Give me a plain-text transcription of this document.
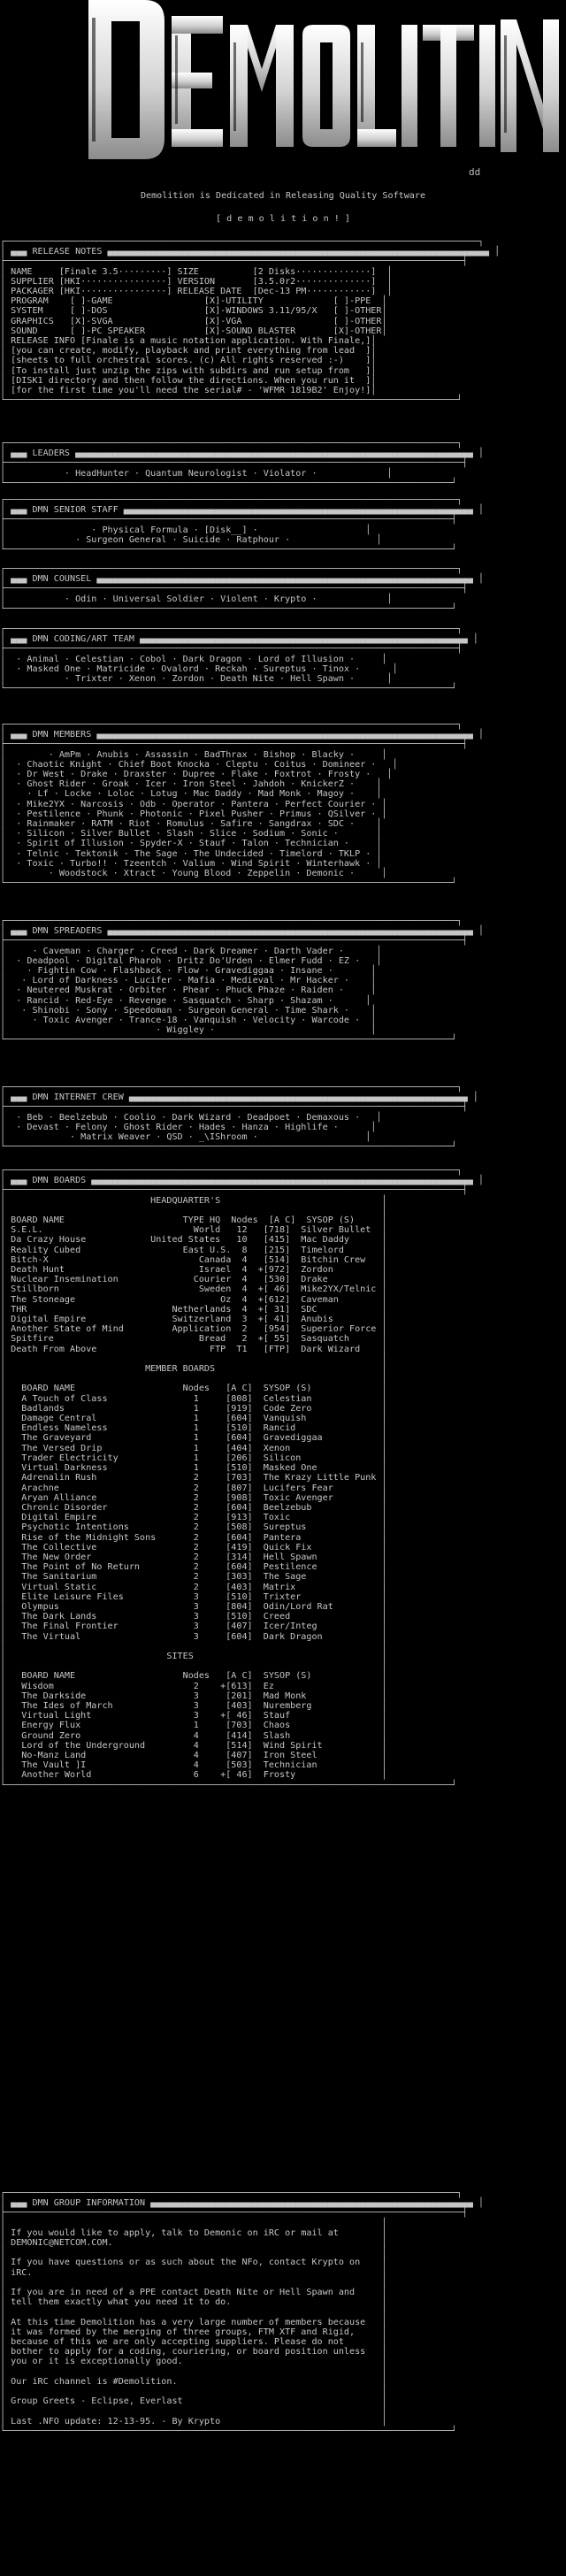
dd
Demolition is Dedicated in Releasing Quality Software
[ d e m o l i t i o n ! ]
┌────────────────────────────────────────────────────────────────────────────────────────┐
│ ▄▄▄ RELEASE NOTES ▄▄▄▄▄▄▄▄▄▄▄▄▄▄▄▄▄▄▄▄▄▄▄▄▄▄▄▄▄▄▄▄▄▄▄▄▄▄▄▄▄▄▄▄▄▄▄▄▄▄▄▄▄▄▄▄▄▄▄▄▄▄▄▄▄▄▄▄▄▄▄ │
├─────────────────────────────────────────────────────────────────────────────────────┤
│ NAME     [Finale 3.5·········] SIZE          [2 Disks··············]  │
│ SUPPLIER [HKI················] VERSION       [3.5.0r2··············]  │
│ PACKAGER [HKI················] RELEASE DATE  [Dec-13 PM············]  │
│ PROGRAM    [ ]-GAME                 [X]-UTILITY             [ ]-PPE  │
│ SYSTEM     [ ]-DOS                  [X]-WINDOWS 3.11/95/X   [ ]-OTHER│
│ GRAPHICS   [X]-SVGA                 [X]-VGA                 [ ]-OTHER│
│ SOUND      [ ]-PC SPEAKER           [X]-SOUND BLASTER       [X]-OTHER│
│ RELEASE INFO [Finale is a music notation application. With Finale,]│
│ [you can create, modify, playback and print everything from lead  ]│
│ [sheets to full orchestral scores. (c) All rights reserved :-)    ]│
│ [To install just unzip the zips with subdirs and run setup from   ]│
│ [DISK1 directory and then follow the directions. When you run it  ]│
│ [for the first time you'll need the serial# - 'WFMR 1819B2' Enjoy!]│
└────────────────────────────────────────────────────────────────────────────────────┘
┌────────────────────────────────────────────────────────────────────────────────────┐
│ ▄▄▄ LEADERS ▄▄▄▄▄▄▄▄▄▄▄▄▄▄▄▄▄▄▄▄▄▄▄▄▄▄▄▄▄▄▄▄▄▄▄▄▄▄▄▄▄▄▄▄▄▄▄▄▄▄▄▄▄▄▄▄▄▄▄▄▄▄▄▄▄▄▄▄▄▄▄▄▄▄ │
├─────────────────────────────────────────────────────────────────────────────────────┤
│           · HeadHunter · Quantum Neurologist · Violator ·             │
└───────────────────────────────────────────────────────────────────────────────────┘
┌────────────────────────────────────────────────────────────────────────────────────┐
│ ▄▄▄ DMN SENIOR STAFF ▄▄▄▄▄▄▄▄▄▄▄▄▄▄▄▄▄▄▄▄▄▄▄▄▄▄▄▄▄▄▄▄▄▄▄▄▄▄▄▄▄▄▄▄▄▄▄▄▄▄▄▄▄▄▄▄▄▄▄▄▄▄▄▄▄ │
├───────────────────────────────────────────────────────────────────────────────────┤
│                · Physical Formula · [Disk__] ·                    │
│             · Surgeon General · Suicide · Ratphour ·                │
└───────────────────────────────────────────────────────────────────────────────────┘
┌────────────────────────────────────────────────────────────────────────────────────┐
│ ▄▄▄ DMN COUNSEL ▄▄▄▄▄▄▄▄▄▄▄▄▄▄▄▄▄▄▄▄▄▄▄▄▄▄▄▄▄▄▄▄▄▄▄▄▄▄▄▄▄▄▄▄▄▄▄▄▄▄▄▄▄▄▄▄▄▄▄▄▄▄▄▄▄▄▄▄▄▄ │
├─────────────────────────────────────────────────────────────────────────────────────┤
│           · Odin · Universal Soldier · Violent · Krypto ·             │
└───────────────────────────────────────────────────────────────────────────────────┘
┌────────────────────────────────────────────────────────────────────────────────────┐
│ ▄▄▄ DMN CODING/ART TEAM ▄▄▄▄▄▄▄▄▄▄▄▄▄▄▄▄▄▄▄▄▄▄▄▄▄▄▄▄▄▄▄▄▄▄▄▄▄▄▄▄▄▄▄▄▄▄▄▄▄▄▄▄▄▄▄▄▄▄▄▄▄ │
├────────────────────────────────────────────────────────────────────────────────────┤
│  · Animal · Celestian · Cobol · Dark Dragon · Lord of Illusion ·     │
│  · Masked One · Matricide · Ovalord · Reckah · Sureptus · Tinox ·      │
│           · Trixter · Xenon · Zordon · Death Nite · Hell Spawn ·      │
└───────────────────────────────────────────────────────────────────────────────────┘
┌────────────────────────────────────────────────────────────────────────────────────┐
│ ▄▄▄ DMN MEMBERS ▄▄▄▄▄▄▄▄▄▄▄▄▄▄▄▄▄▄▄▄▄▄▄▄▄▄▄▄▄▄▄▄▄▄▄▄▄▄▄▄▄▄▄▄▄▄▄▄▄▄▄▄▄▄▄▄▄▄▄▄▄▄▄▄▄▄▄▄▄▄ │
├─────────────────────────────────────────────────────────────────────────────────────┤
│        · AmPm · Anubis · Assassin · BadThrax · Bishop · Blacky ·     │
│  · Chaotic Knight · Chief Boot Knocka · Cleptu · Coitus · Domineer ·   │
│  · Dr West · Drake · Draxster · Dupree · Flake · Foxtrot · Frosty ·   │
│  · Ghost Rider · Groak · Icer · Iron Steel · Jahdoh · KnickerZ ·    │
│    · Lf · Locke · Loloc · Lotug · Mac Daddy · Mad Monk · Magoy ·    │
│  · Mike2YX · Narcosis · Odb · Operator · Pantera · Perfect Courier · │
│  · Pestilence · Phunk · Photonic · Pixel Pusher · Primus · QSilver · │
│  · Rainmaker · RATM · Riot · Romulus · Safire · Sangdrax · SDC ·    │
│  · Silicon · Silver Bullet · Slash · Slice · Sodium · Sonic ·       │
│  · Spirit of Illusion · Spyder-X · Stauf · Talon · Technician ·     │
│  · Telnic · Tektonik · The Sage · The Undecided · Timelord · TKLP · │
│  · Toxic · Turbo!! · Tzeentch · Valium · Wind Spirit · Winterhawk · │
│        · Woodstock · Xtract · Young Blood · Zeppelin · Demonic ·     │
└───────────────────────────────────────────────────────────────────────────────────┘
┌────────────────────────────────────────────────────────────────────────────────────┐
│ ▄▄▄ DMN SPREADERS ▄▄▄▄▄▄▄▄▄▄▄▄▄▄▄▄▄▄▄▄▄▄▄▄▄▄▄▄▄▄▄▄▄▄▄▄▄▄▄▄▄▄▄▄▄▄▄▄▄▄▄▄▄▄▄▄▄▄▄▄▄▄▄▄▄▄▄▄ │
├─────────────────────────────────────────────────────────────────────────────────────┤
│     · Caveman · Charger · Creed · Dark Dreamer · Darth Vader ·      │
│  · Deadpool · Digital Pharoh · Dritz Do'Urden · Elmer Fudd · EZ ·   │
│    · Fightin Cow · Flashback · Flow · Gravediggaa · Insane ·       │
│   · Lord of Darkness · Lucifer · Mafia · Medieval · Mr Hacker ·    │
│  · Neutered Muskrat · Orbiter · Phear · Phuck Phaze · Raiden ·     │
│  · Rancid · Red-Eye · Revenge · Sasquatch · Sharp · Shazam ·      │
│   · Shinobi · Sony · Speedoman · Surgeon General · Time Shark ·    │
│     · Toxic Avenger · Trance-18 · Vanquish · Velocity · Warcode ·  │
│                            · Wiggley ·                             │
└───────────────────────────────────────────────────────────────────────────────────┘
┌────────────────────────────────────────────────────────────────────────────────────┐
│ ▄▄▄ DMN INTERNET CREW ▄▄▄▄▄▄▄▄▄▄▄▄▄▄▄▄▄▄▄▄▄▄▄▄▄▄▄▄▄▄▄▄▄▄▄▄▄▄▄▄▄▄▄▄▄▄▄▄▄▄▄▄▄▄▄▄▄▄▄▄▄▄▄ │
├─────────────────────────────────────────────────────────────────────────────────────┤
│  · Beb · Beelzebub · Coolio · Dark Wizard · Deadpoet · Demaxous ·   │
│  · Devast · Felony · Ghost Rider · Hades · Hanza · Highlife ·      │
│            · Matrix Weaver · QSD · _\IShroom ·                    │
└───────────────────────────────────────────────────────────────────────────────────┘
┌────────────────────────────────────────────────────────────────────────────────────┐
│ ▄▄▄ DMN BOARDS ▄▄▄▄▄▄▄▄▄▄▄▄▄▄▄▄▄▄▄▄▄▄▄▄▄▄▄▄▄▄▄▄▄▄▄▄▄▄▄▄▄▄▄▄▄▄▄▄▄▄▄▄▄▄▄▄▄▄▄▄▄▄▄▄▄▄▄▄▄▄▄ │
├─────────────────────────────────────────────────────────────────────────────────────┤
│                           HEADQUARTER'S                              │
│                                                                      │
│ BOARD NAME                      TYPE HQ  Nodes  [A C]  SYSOP (S)     │
│ S.E.L.                            World   12   [718]  Silver Bullet  │
│ Da Crazy House            United States   10   [415]  Mac Daddy      │
│ Reality Cubed                   East U.S.  8   [215]  Timelord       │
│ Bitch-X                            Canada  4   [514]  Bitchin Crew   │
│ Death Hunt                         Israel  4  +[972]  Zordon         │
│ Nuclear Insemination              Courier  4   [530]  Drake          │
│ Stillborn                          Sweden  4  +[ 46]  Mike2YX/Telnic │
│ The Stoneage                           Oz  4  +[612]  Caveman        │
│ THR                           Netherlands  4  +[ 31]  SDC            │
│ Digital Empire                Switzerland  3  +[ 41]  Anubis         │
│ Another State of Mind         Application  2   [954]  Superior Force │
│ Spitfire                           Bread   2  +[ 55]  Sasquatch      │
│ Death From Above                     FTP  T1   [FTP]  Dark Wizard    │
│                                                                      │
│                          MEMBER BOARDS                               │
│                                                                      │
│   BOARD NAME                    Nodes   [A C]  SYSOP (S)             │
│   A Touch of Class                1     [808]  Celestian             │
│   Badlands                        1     [919]  Code Zero             │
│   Damage Central                  1     [604]  Vanquish              │
│   Endless Nameless                1     [510]  Rancid                │
│   The Graveyard                   1     [604]  Gravediggaa           │
│   The Versed Drip                 1     [404]  Xenon                 │
│   Trader Electricity              1     [206]  Silicon               │
│   Virtual Darkness                1     [510]  Masked One            │
│   Adrenalin Rush                  2     [703]  The Krazy Little Punk │
│   Arachne                         2     [807]  Lucifers Fear         │
│   Aryan Alliance                  2     [908]  Toxic Avenger         │
│   Chronic Disorder                2     [604]  Beelzebub             │
│   Digital Empire                  2     [913]  Toxic                 │
│   Psychotic Intentions            2     [508]  Sureptus              │
│   Rise of the Midnight Sons       2     [604]  Pantera               │
│   The Collective                  2     [419]  Quick Fix             │
│   The New Order                   2     [314]  Hell Spawn            │
│   The Point of No Return          2     [604]  Pestilence            │
│   The Sanitarium                  2     [303]  The Sage              │
│   Virtual Static                  2     [403]  Matrix                │
│   Elite Leisure Files             3     [510]  Trixter               │
│   Olympus                         3     [804]  Odin/Lord Rat         │
│   The Dark Lands                  3     [510]  Creed                 │
│   The Final Frontier              3     [407]  Icer/Integ            │
│   The Virtual                     3     [604]  Dark Dragon           │
│                                                                      │
│                              SITES                                   │
│                                                                      │
│   BOARD NAME                    Nodes   [A C]  SYSOP (S)             │
│   Wisdom                          2    +[613]  Ez                    │
│   The Darkside                    3     [201]  Mad Monk              │
│   The Ides of March               3     [403]  Nuremberg             │
│   Virtual Light                   3    +[ 46]  Stauf                 │
│   Energy Flux                     1     [703]  Chaos                 │
│   Ground Zero                     4     [414]  Slash                 │
│   Lord of the Underground         4     [514]  Wind Spirit           │
│   No-Manz Land                    4     [407]  Iron Steel            │
│   The Vault ]I                    4     [503]  Technician            │
│   Another World                   6    +[ 46]  Frosty                │
└───────────────────────────────────────────────────────────────────────────────────┘
┌────────────────────────────────────────────────────────────────────────────────────┐
│ ▄▄▄ DMN GROUP INFORMATION ▄▄▄▄▄▄▄▄▄▄▄▄▄▄▄▄▄▄▄▄▄▄▄▄▄▄▄▄▄▄▄▄▄▄▄▄▄▄▄▄▄▄▄▄▄▄▄▄▄▄▄▄▄▄▄▄▄▄▄▄ │
├─────────────────────────────────────────────────────────────────────────────────────┤
│                                                                      │
│ If you would like to apply, talk to Demonic on iRC or mail at        │
│ DEMONIC@NETCOM.COM.                                                  │
│                                                                      │
│ If you have questions or as such about the NFo, contact Krypto on    │
│ iRC.                                                                 │
│                                                                      │
│ If you are in need of a PPE contact Death Nite or Hell Spawn and     │
│ tell them exactly what you need it to do.                            │
│                                                                      │
│ At this time Demolition has a very large number of members because   │
│ it was formed by the merging of three groups, FTM XTF and Rigid,     │
│ because of this we are only accepting suppliers. Please do not       │
│ bother to apply for a coding, couriering, or board position unless   │
│ you or it is exceptionally good.                                     │
│                                                                      │
│ Our iRC channel is #Demolition.                                      │
│                                                                      │
│ Group Greets - Eclipse, Everlast                                     │
│                                                                      │
│ Last .NFO update: 12-13-95. - By Krypto                              │
└───────────────────────────────────────────────────────────────────────────────────┘
